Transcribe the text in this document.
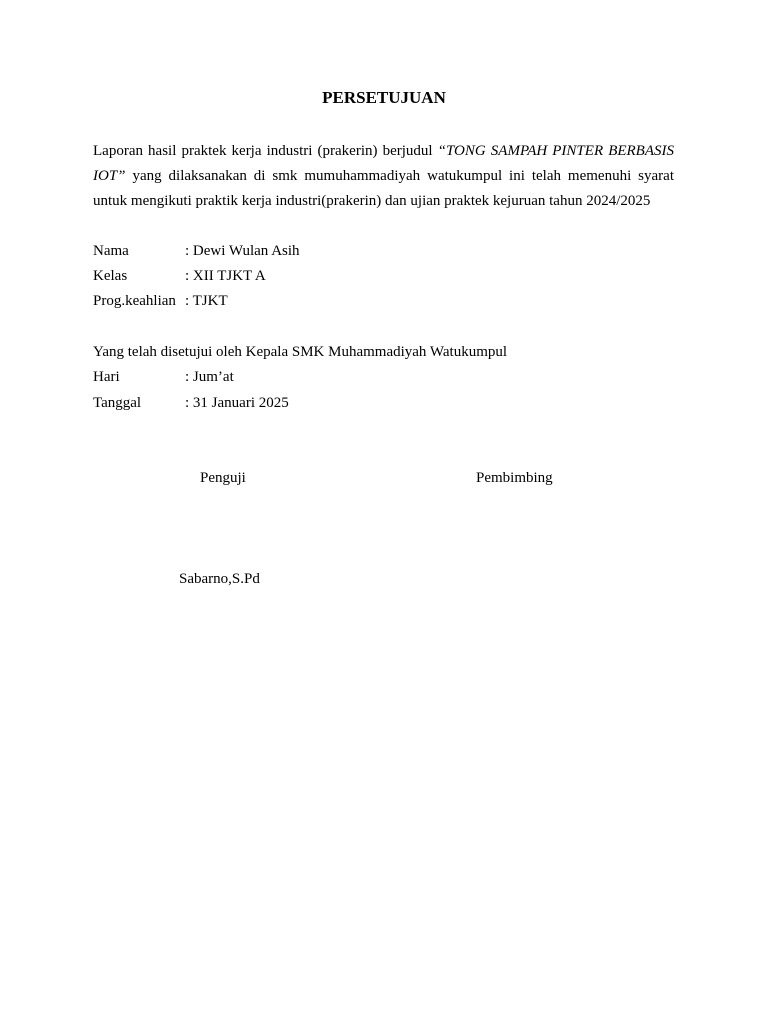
PERSETUJUAN

Laporan hasil praktek kerja industri (prakerin) berjudul “TONG SAMPAH PINTER BERBASIS IOT” yang dilaksanakan di smk mumuhammadiyah watukumpul ini telah memenuhi syarat untuk mengikuti praktik kerja industri(prakerin) dan ujian praktek kejuruan tahun 2024/2025

Nama	: Dewi Wulan Asih
Kelas	: XII TJKT A
Prog.keahlian : TJKT
Yang telah disetujui oleh Kepala SMK Muhammadiyah Watukumpul
Hari	: Jum’at
Tanggal	: 31 Januari 2025
Penguji	Pembimbing
Sabarno,S.Pd
